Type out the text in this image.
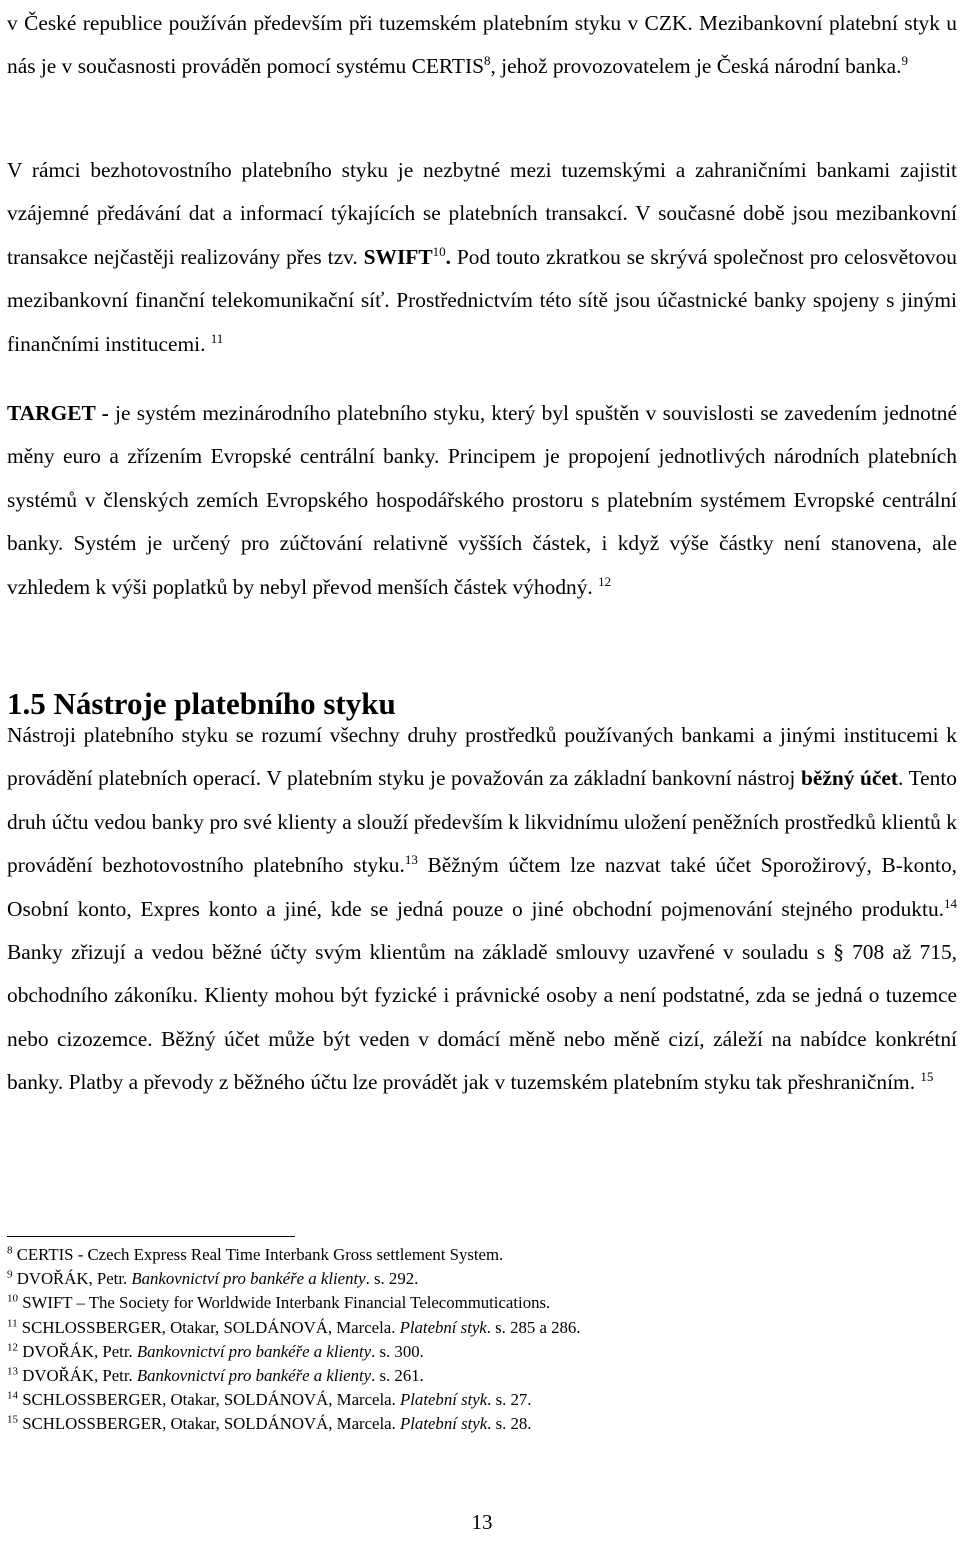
v České republice používán především při tuzemském platebním styku v CZK. Mezibankovní platební styk u nás je v současnosti prováděn pomocí systému CERTIS$^8$, jehož provozovatelem je Česká národní banka.$^9$

V rámci bezhotovostního platebního styku je nezbytné mezi tuzemskými a zahraničními bankami zajistit vzájemné předávání dat a informací týkajících se platebních transakcí. V současné době jsou mezibankovní transakce nejčastěji realizovány přes tzv. SWIFT$^{10}$. Pod touto zkratkou se skrývá společnost pro celosvětovou mezibankovní finanční telekomunikační síť. Prostřednictvím této sítě jsou účastnické banky spojeny s jinými finančními institucemi. $^{11}$

TARGET - je systém mezinárodního platebního styku, který byl spuštěn v souvislosti se zavedením jednotné měny euro a zřízením Evropské centrální banky. Principem je propojení jednotlivých národních platebních systémů v členských zemích Evropského hospodářského prostoru s platebním systémem Evropské centrální banky. Systém je určený pro zúčtování relativně vyšších částek, i když výše částky není stanovena, ale vzhledem k výši poplatků by nebyl převod menších částek výhodný. $^{12}$

1.5 Nástroje platebního styku

Nástroji platebního styku se rozumí všechny druhy prostředků používaných bankami a jinými institucemi k provádění platebních operací. V platebním styku je považován za základní bankovní nástroj běžný účet. Tento druh účtu vedou banky pro své klienty a slouží především k likvidnímu uložení peněžních prostředků klientů k provádění bezhotovostního platebního styku.$^{13}$ Běžným účtem lze nazvat také účet Sporožirový, B-konto, Osobní konto, Expres konto a jiné, kde se jedná pouze o jiné obchodní pojmenování stejného produktu.$^{14}$ Banky zřizují a vedou běžné účty svým klientům na základě smlouvy uzavřené v souladu s § 708 až 715, obchodního zákoníku. Klienty mohou být fyzické i právnické osoby a není podstatné, zda se jedná o tuzemce nebo cizozemce. Běžný účet může být veden v domácí měně nebo měně cizí, záleží na nabídce konkrétní banky. Platby a převody z běžného účtu lze provádět jak v tuzemském platebním styku tak přeshraničním. $^{15}$

$^8$ CERTIS - Czech Express Real Time Interbank Gross settlement System.
$^9$ DVOŘÁK, Petr. Bankovnictví pro bankéře a klienty. s. 292.
$^{10}$ SWIFT – The Society for Worldwide Interbank Financial Telecommutications.
$^{11}$ SCHLOSSBERGER, Otakar, SOLDÁNOVÁ, Marcela. Platební styk. s. 285 a 286.
$^{12}$ DVOŘÁK, Petr. Bankovnictví pro bankéře a klienty. s. 300.
$^{13}$ DVOŘÁK, Petr. Bankovnictví pro bankéře a klienty. s. 261.
$^{14}$ SCHLOSSBERGER, Otakar, SOLDÁNOVÁ, Marcela. Platební styk. s. 27.
$^{15}$ SCHLOSSBERGER, Otakar, SOLDÁNOVÁ, Marcela. Platební styk. s. 28.
13
